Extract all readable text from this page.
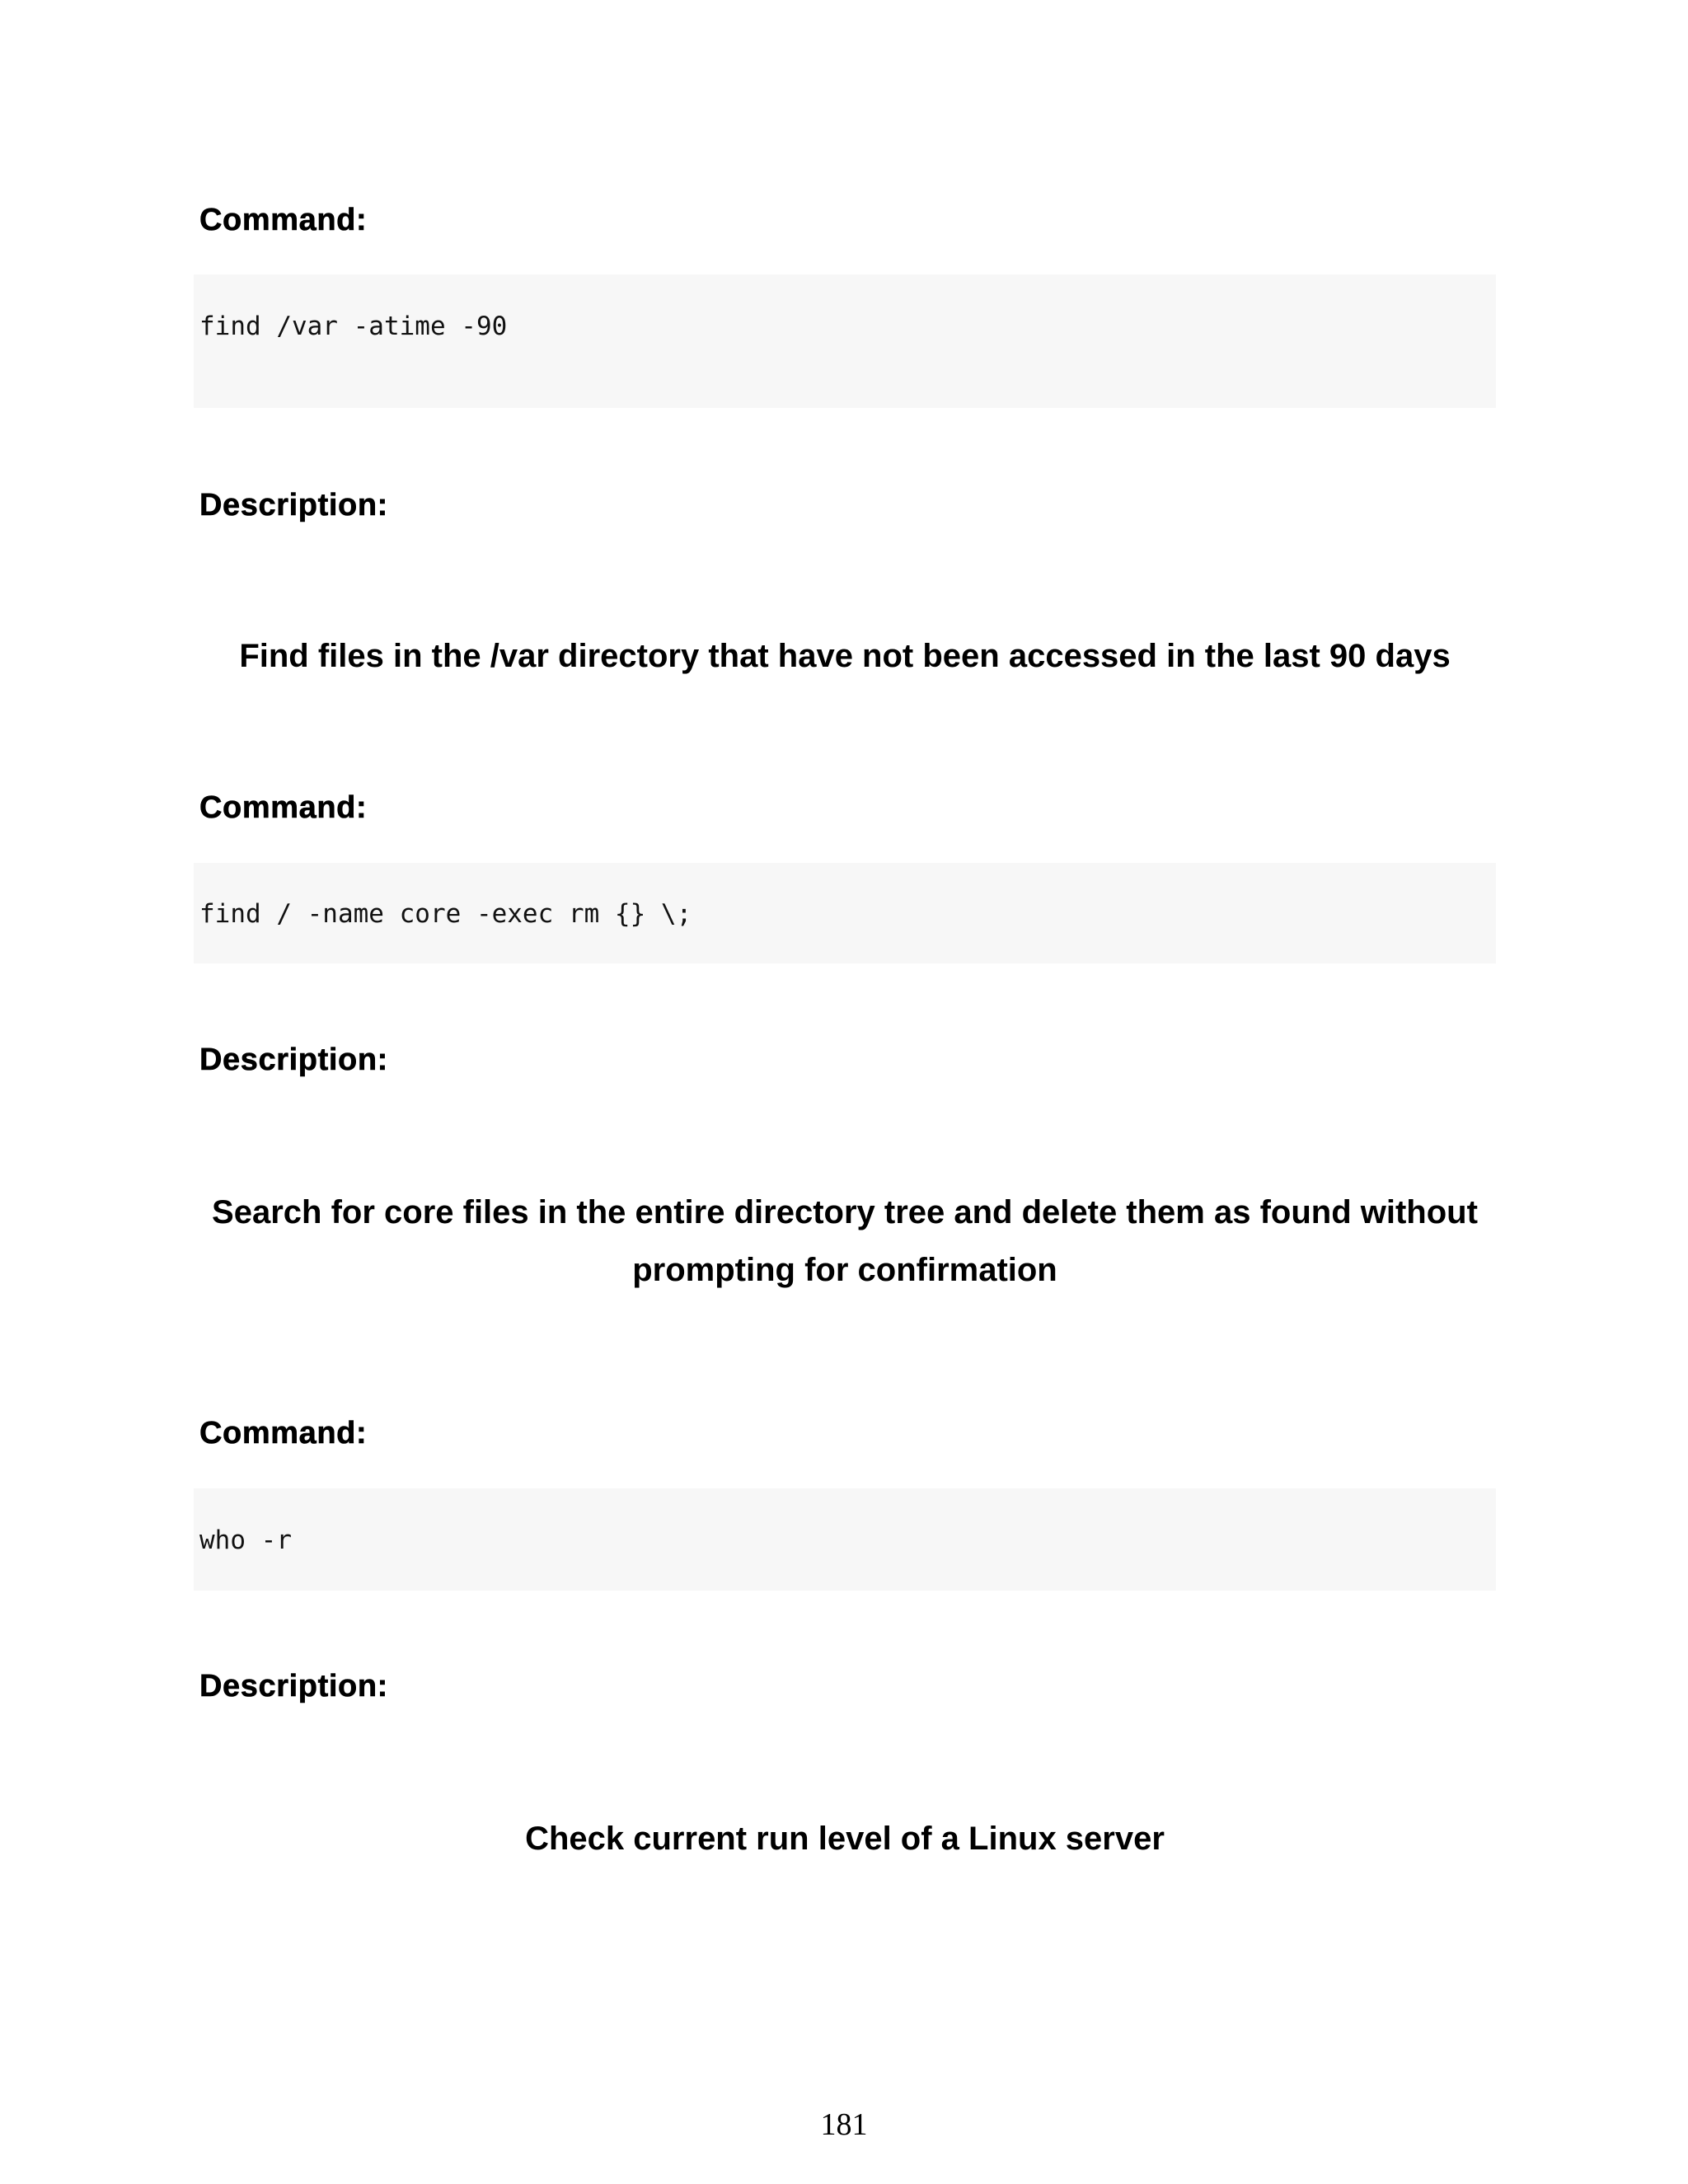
Command:
find /var -atime -90
Description:

Find files in the /var directory that have not been accessed in the last 90 days

Command:
find / -name core -exec rm {} \;
Description:

Search for core files in the entire directory tree and delete them as found without prompting for confirmation

Command:
who -r
Description:

Check current run level of a Linux server

181
